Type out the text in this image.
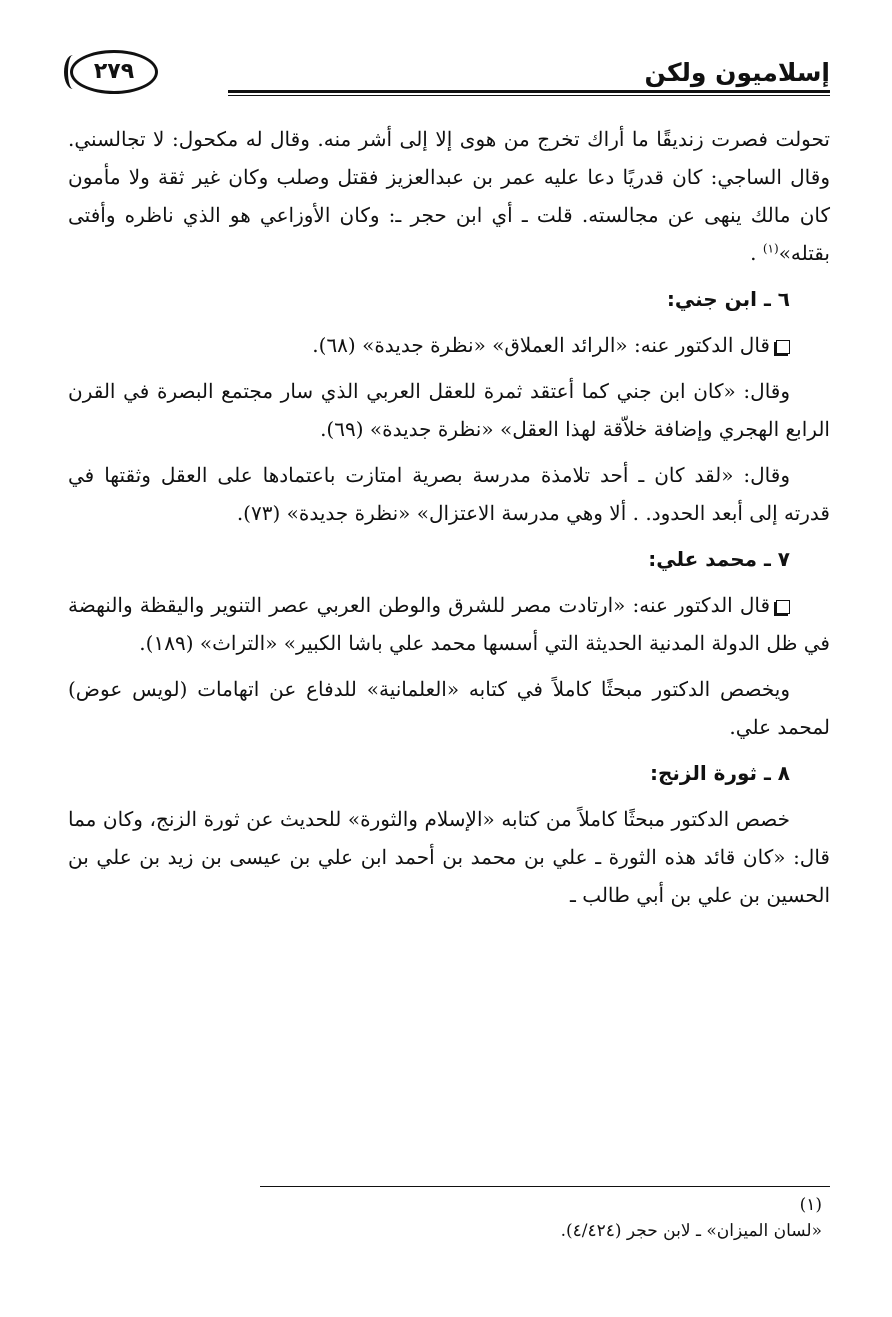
إسلاميون ولكن
٢٧٩

تحولت فصرت زنديقًا ما أراك تخرج من هوى إلا إلى أشر منه. وقال له مكحول: لا تجالسني. وقال الساجي: كان قدريًا دعا عليه عمر بن عبدالعزيز فقتل وصلب وكان غير ثقة ولا مأمون كان مالك ينهى عن مجالسته. قلت ـ أي ابن حجر ـ: وكان الأوزاعي هو الذي ناظره وأفتى بقتله»$^{(١)}$ .

٦ ـ ابن جني:

قال الدكتور عنه: «الرائد العملاق» «نظرة جديدة» (٦٨).

وقال: «كان ابن جني كما أعتقد ثمرة للعقل العربي الذي سار مجتمع البصرة في القرن الرابع الهجري وإضافة خلاّقة لهذا العقل» «نظرة جديدة» (٦٩).

وقال: «لقد كان ـ أحد تلامذة مدرسة بصرية امتازت باعتمادها على العقل وثقتها في قدرته إلى أبعد الحدود. . ألا وهي مدرسة الاعتزال» «نظرة جديدة» (٧٣).

٧ ـ محمد علي:

قال الدكتور عنه: «ارتادت مصر للشرق والوطن العربي عصر التنوير واليقظة والنهضة في ظل الدولة المدنية الحديثة التي أسسها محمد علي باشا الكبير» «التراث» (١٨٩).

ويخصص الدكتور مبحثًا كاملاً في كتابه «العلمانية» للدفاع عن اتهامات (لويس عوض) لمحمد علي.

٨ ـ ثورة الزنج:

خصص الدكتور مبحثًا كاملاً من كتابه «الإسلام والثورة» للحديث عن ثورة الزنج، وكان مما قال: «كان قائد هذه الثورة ـ علي بن محمد بن أحمد ابن علي بن عيسى بن زيد بن علي بن الحسين بن علي بن أبي طالب ـ

(١)
«لسان الميزان» ـ لابن حجر (٤/٤٢٤).
